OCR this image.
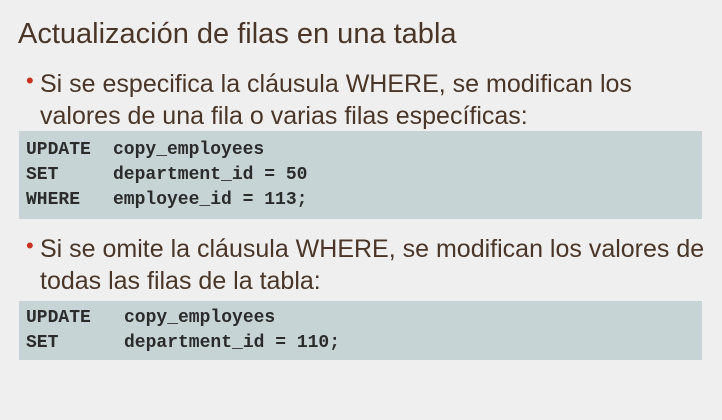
Actualización de filas en una tabla
• Si se especifica la cláusula WHERE, se modifican los valores de una fila o varias filas específicas:
UPDATE copy_employees
SET	department_id = 50
WHERE employee_id = 113;
• Si se omite la cláusula WHERE, se modifican los valores de todas las filas de la tabla:
UPDATE copy_employees
SET	department_id = 110;
